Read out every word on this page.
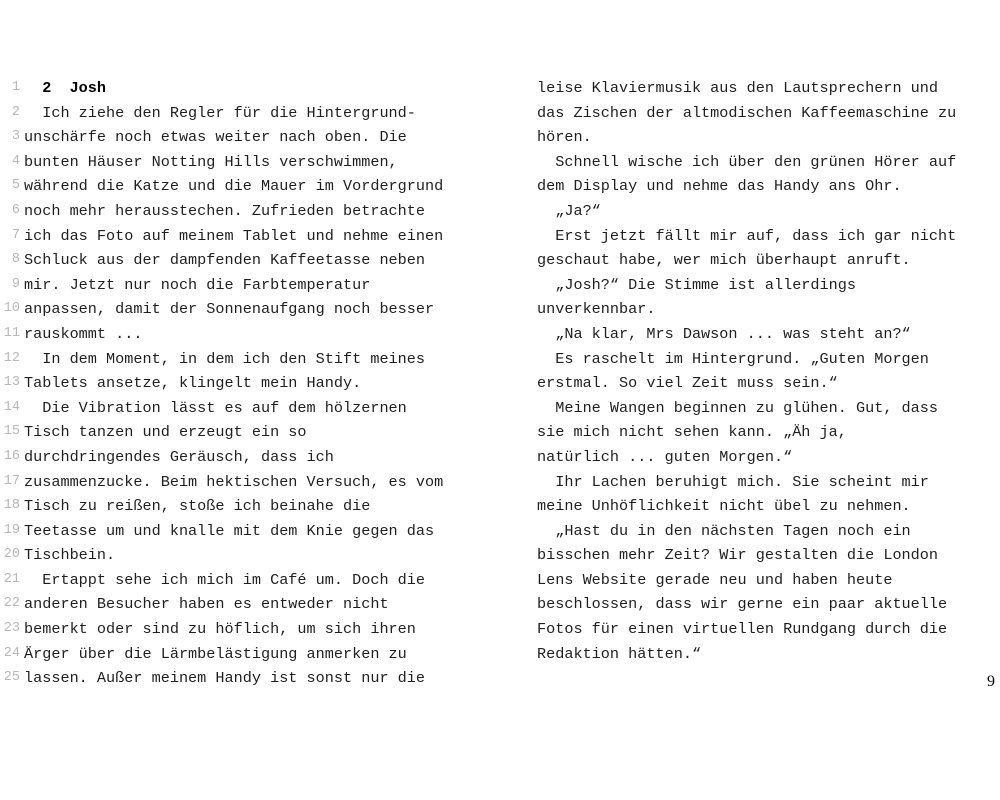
1 2  Josh
2 Ich ziehe den Regler für die Hintergrund-
3 unschärfe noch etwas weiter nach oben. Die
4 bunten Häuser Notting Hills verschwimmen,
5 während die Katze und die Mauer im Vordergrund
6 noch mehr herausstechen. Zufrieden betrachte
7 ich das Foto auf meinem Tablet und nehme einen
8 Schluck aus der dampfenden Kaffeetasse neben
9 mir. Jetzt nur noch die Farbtemperatur
10 anpassen, damit der Sonnenaufgang noch besser
11 rauskommt ...
12 In dem Moment, in dem ich den Stift meines
13 Tablets ansetze, klingelt mein Handy.
14 Die Vibration lässt es auf dem hölzernen
15 Tisch tanzen und erzeugt ein so
16 durchdringendes Geräusch, dass ich
17 zusammenzucke. Beim hektischen Versuch, es vom
18 Tisch zu reißen, stoße ich beinahe die
19 Teetasse um und knalle mit dem Knie gegen das
20 Tischbein.
21 Ertappt sehe ich mich im Café um. Doch die
22 anderen Besucher haben es entweder nicht
23 bemerkt oder sind zu höflich, um sich ihren
24 Ärger über die Lärmbelästigung anmerken zu
25 lassen. Außer meinem Handy ist sonst nur die
leise Klaviermusik aus den Lautsprechern und
das Zischen der altmodischen Kaffeemaschine zu
hören.
Schnell wische ich über den grünen Hörer auf
dem Display und nehme das Handy ans Ohr.
„Ja?“
Erst jetzt fällt mir auf, dass ich gar nicht
geschaut habe, wer mich überhaupt anruft.
„Josh?“ Die Stimme ist allerdings
unverkennbar.
„Na klar, Mrs Dawson ... was steht an?“
Es raschelt im Hintergrund. „Guten Morgen
erstmal. So viel Zeit muss sein.“
Meine Wangen beginnen zu glühen. Gut, dass
sie mich nicht sehen kann. „Äh ja,
natürlich ... guten Morgen.“
Ihr Lachen beruhigt mich. Sie scheint mir
meine Unhöflichkeit nicht übel zu nehmen.
„Hast du in den nächsten Tagen noch ein
bisschen mehr Zeit? Wir gestalten die London
Lens Website gerade neu und haben heute
beschlossen, dass wir gerne ein paar aktuelle
Fotos für einen virtuellen Rundgang durch die
Redaktion hätten.“
9
